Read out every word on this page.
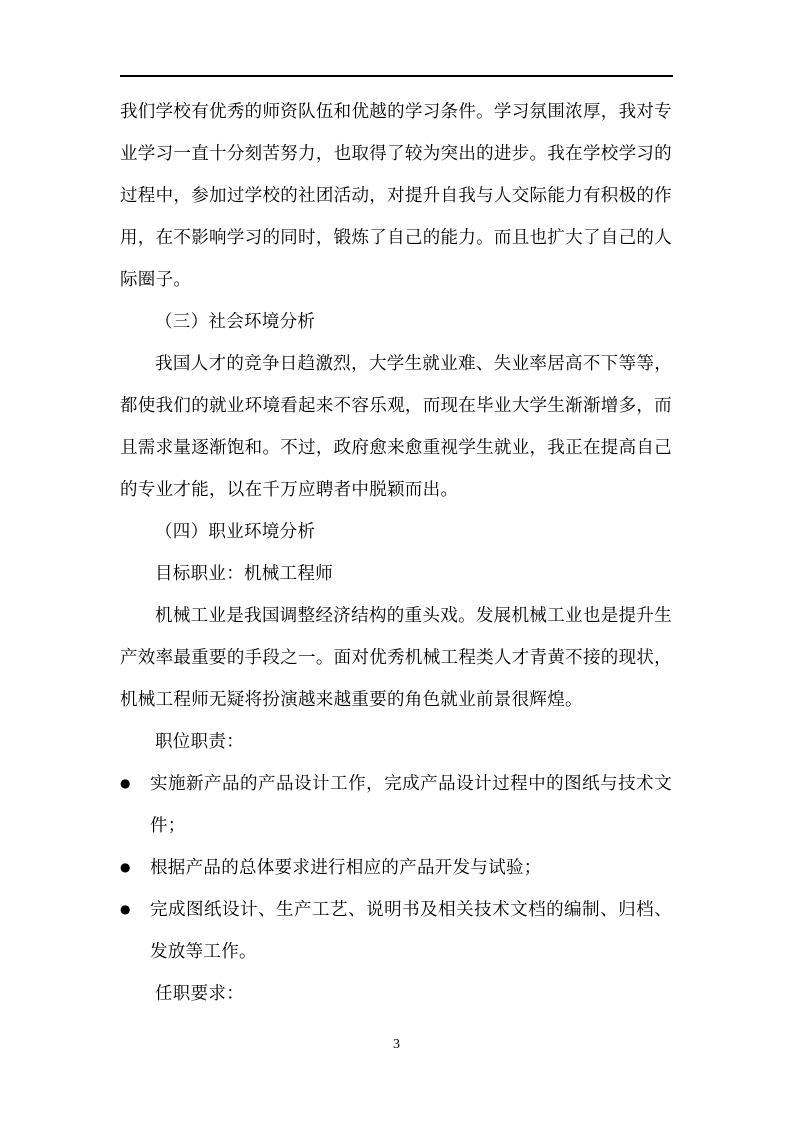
我们学校有优秀的师资队伍和优越的学习条件。学习氛围浓厚，我对专业学习一直十分刻苦努力，也取得了较为突出的进步。我在学校学习的过程中，参加过学校的社团活动，对提升自我与人交际能力有积极的作用，在不影响学习的同时，锻炼了自己的能力。而且也扩大了自己的人际圈子。

（三）社会环境分析

我国人才的竞争日趋激烈，大学生就业难、失业率居高不下等等，都使我们的就业环境看起来不容乐观，而现在毕业大学生渐渐增多，而且需求量逐渐饱和。不过，政府愈来愈重视学生就业，我正在提高自己的专业才能，以在千万应聘者中脱颖而出。

（四）职业环境分析

目标职业：机械工程师

机械工业是我国调整经济结构的重头戏。发展机械工业也是提升生产效率最重要的手段之一。面对优秀机械工程类人才青黄不接的现状，机械工程师无疑将扮演越来越重要的角色就业前景很辉煌。

职位职责：

●	实施新产品的产品设计工作，完成产品设计过程中的图纸与技术文件；
●	根据产品的总体要求进行相应的产品开发与试验；
●	完成图纸设计、生产工艺、说明书及相关技术文档的编制、归档、发放等工作。

任职要求：

3
